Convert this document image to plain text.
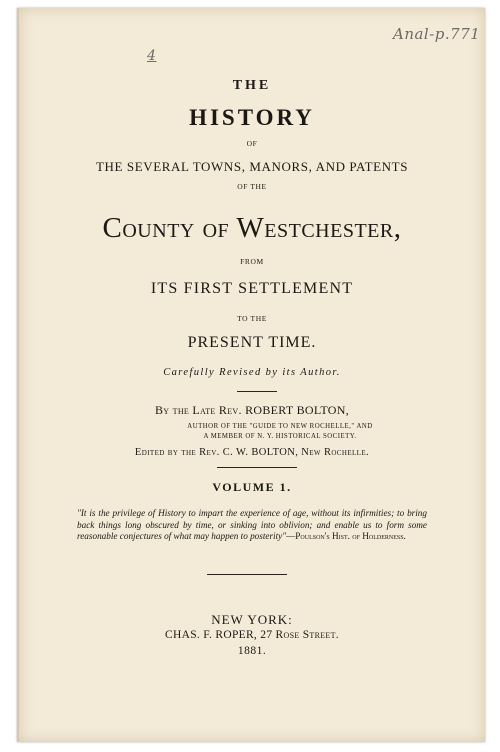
4
Anal-p.771
THE
HISTORY
OF
THE SEVERAL TOWNS, MANORS, AND PATENTS
OF THE
County of Westchester,
FROM
ITS FIRST SETTLEMENT
TO THE
PRESENT TIME.
Carefully Revised by its Author.
By the Late Rev. ROBERT BOLTON,
AUTHOR OF THE "GUIDE TO NEW ROCHELLE," AND
A MEMBER OF N. Y. HISTORICAL SOCIETY.
Edited by the Rev. C. W. BOLTON, New Rochelle.
VOLUME 1.
"It is the privilege of History to impart the experience of age, without its infirmities; to bring back things long obscured by time, or sinking into oblivion; and enable us to form some reasonable conjectures of what may happen to posterity"—Poulson's Hist. of Holderness.
NEW YORK:
CHAS. F. ROPER, 27 Rose Street.
1881.
